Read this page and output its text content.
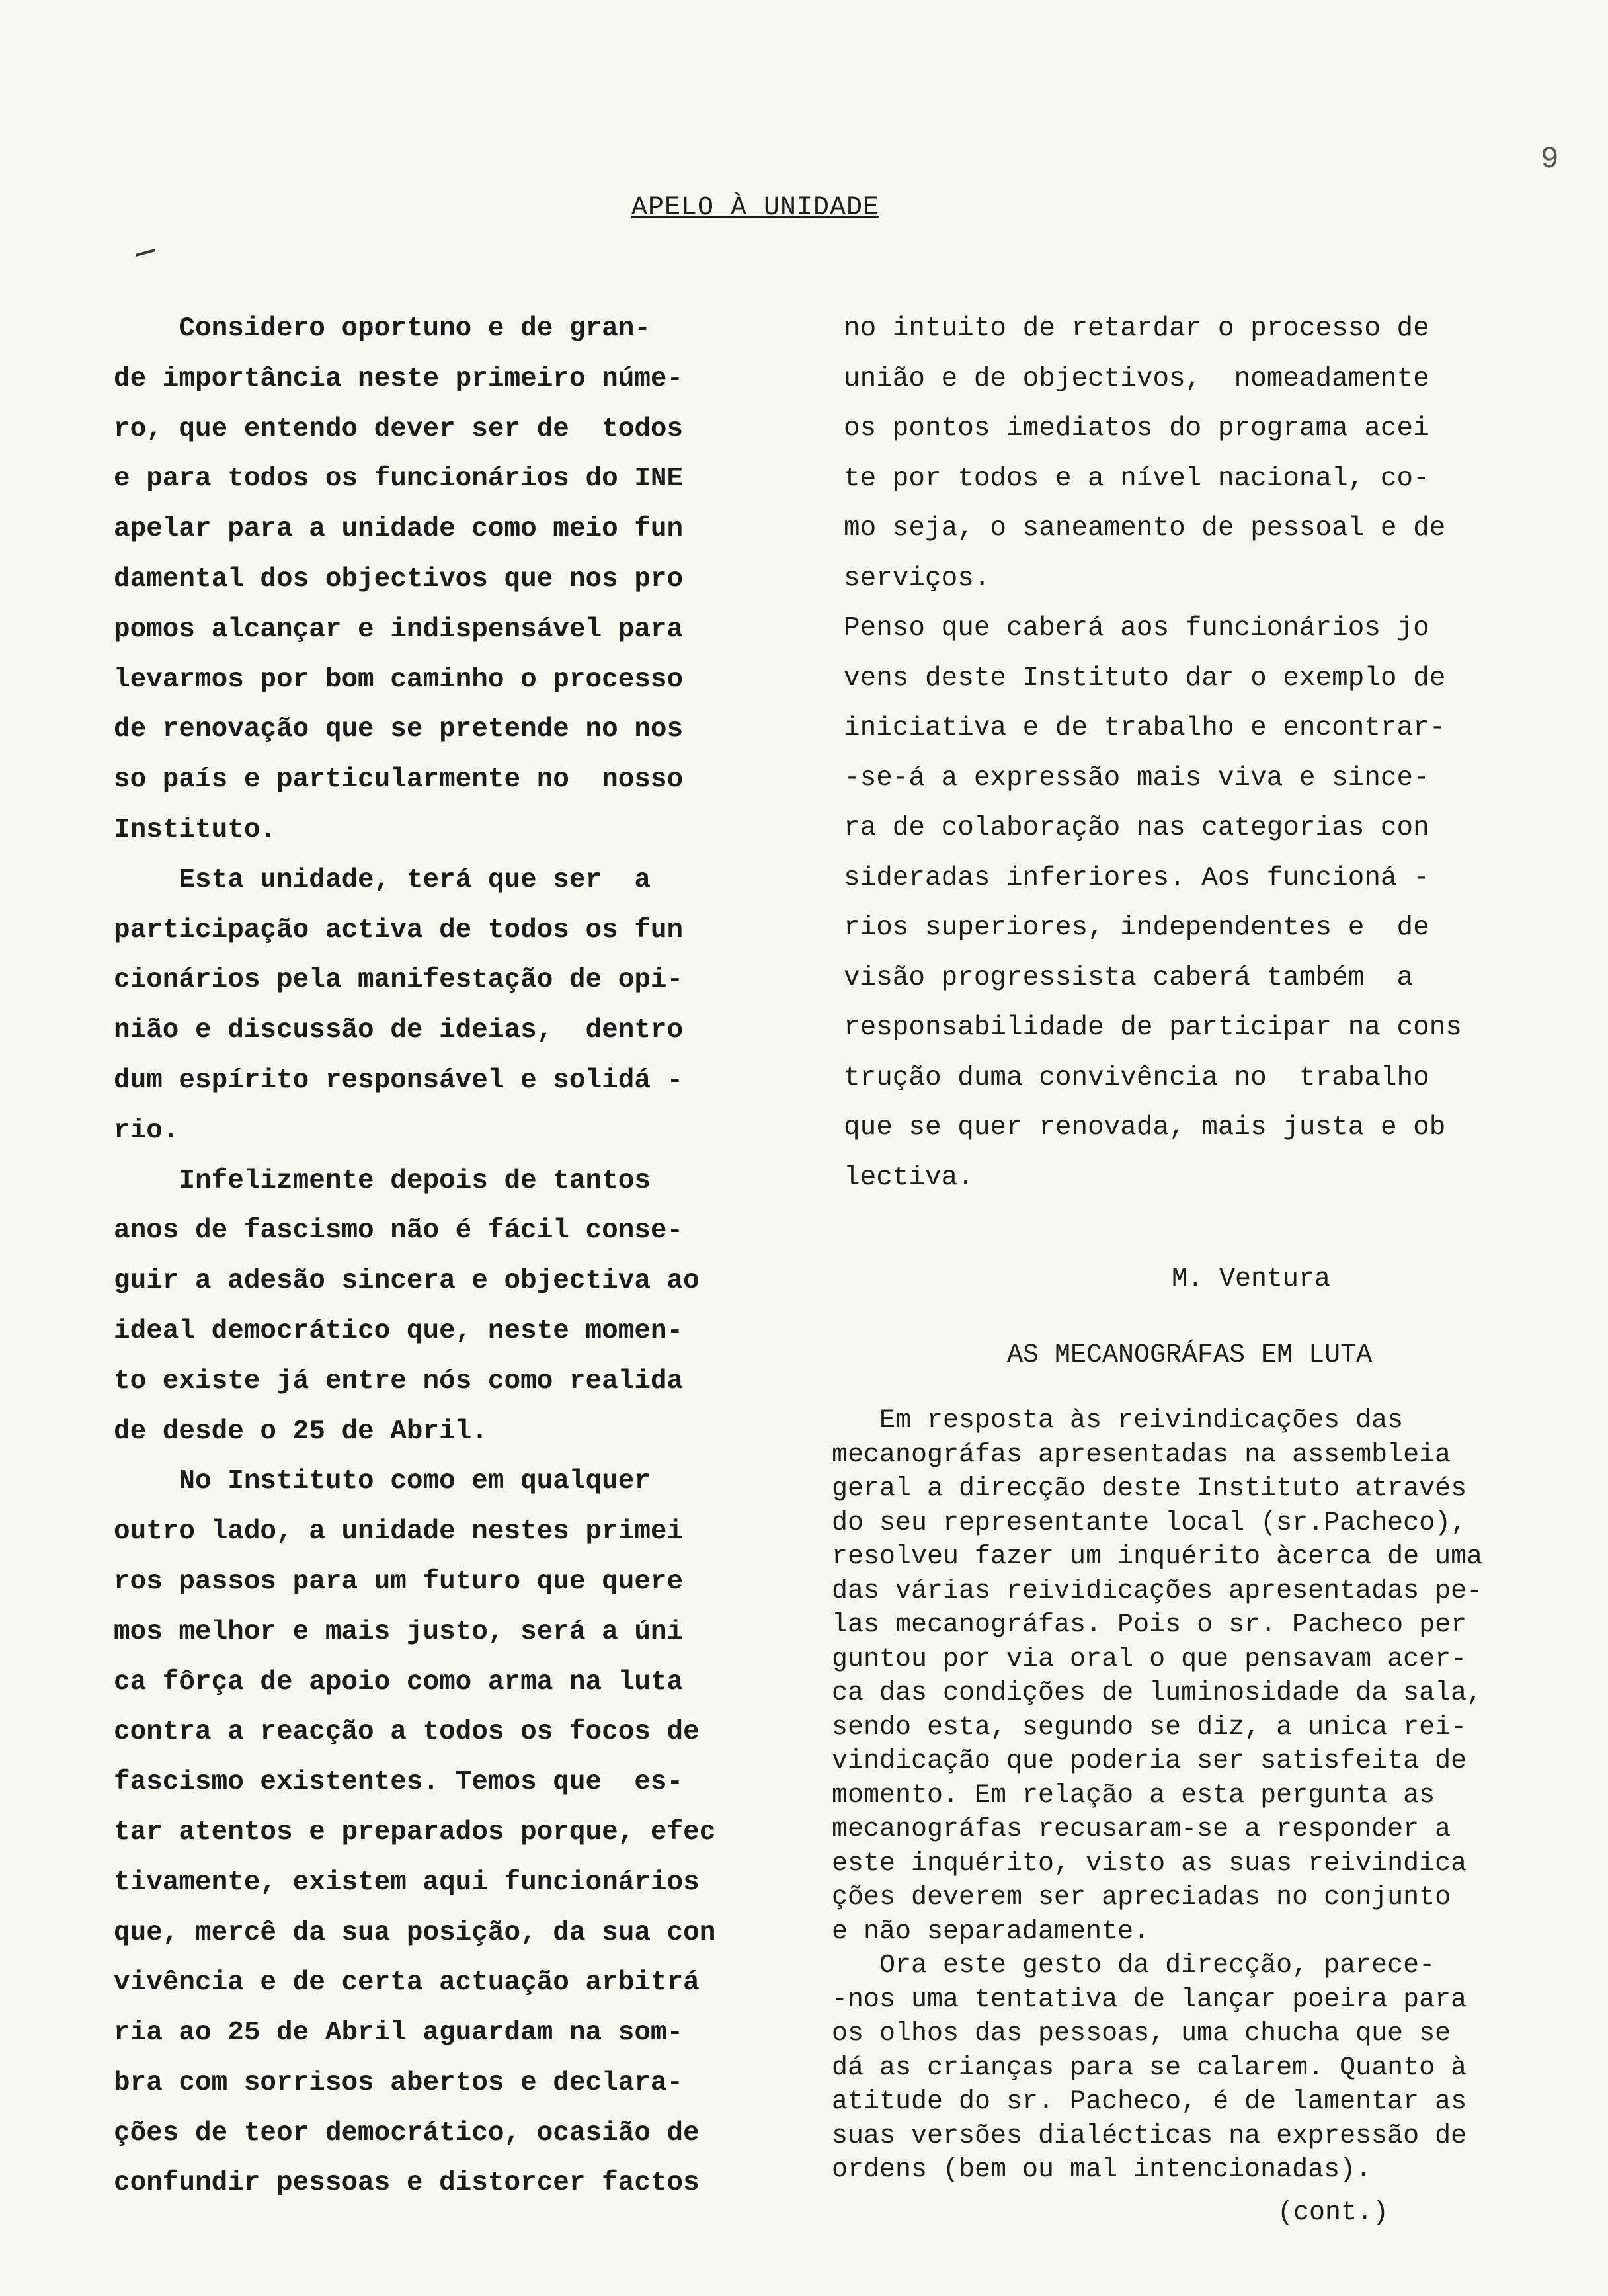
9
APELO À UNIDADE
Considero oportuno e de gran-
de importância neste primeiro núme-
ro, que entendo dever ser de  todos
e para todos os funcionários do INE
apelar para a unidade como meio fun
damental dos objectivos que nos pro
pomos alcançar e indispensável para
levarmos por bom caminho o processo
de renovação que se pretende no nos
so país e particularmente no  nosso
Instituto.
Esta unidade, terá que ser  a
participação activa de todos os fun
cionários pela manifestação de opi-
nião e discussão de ideias,  dentro
dum espírito responsável e solidá -
rio.
Infelizmente depois de tantos
anos de fascismo não é fácil conse-
guir a adesão sincera e objectiva ao
ideal democrático que, neste momen-
to existe já entre nós como realida
de desde o 25 de Abril.
No Instituto como em qualquer
outro lado, a unidade nestes primei
ros passos para um futuro que quere
mos melhor e mais justo, será a úni
ca fôrça de apoio como arma na luta
contra a reacção a todos os focos de
fascismo existentes. Temos que  es-
tar atentos e preparados porque, efec
tivamente, existem aqui funcionários
que, mercê da sua posição, da sua con
vivência e de certa actuação arbitrá
ria ao 25 de Abril aguardam na som-
bra com sorrisos abertos e declara-
ções de teor democrático, ocasião de
confundir pessoas e distorcer factos
no intuito de retardar o processo de
união e de objectivos,  nomeadamente
os pontos imediatos do programa acei
te por todos e a nível nacional, co-
mo seja, o saneamento de pessoal e de
serviços.
Penso que caberá aos funcionários jo
vens deste Instituto dar o exemplo de
iniciativa e de trabalho e encontrar-
-se-á a expressão mais viva e since-
ra de colaboração nas categorias con
sideradas inferiores. Aos funcioná -
rios superiores, independentes e  de
visão progressista caberá também  a
responsabilidade de participar na cons
trução duma convivência no  trabalho
que se quer renovada, mais justa e ob
lectiva.
M. Ventura
AS MECANOGRÁFAS EM LUTA
Em resposta às reivindicações das
mecanográfas apresentadas na assembleia
geral a direcção deste Instituto através
do seu representante local (sr.Pacheco),
resolveu fazer um inquérito àcerca de uma
das várias reividicações apresentadas pe-
las mecanográfas. Pois o sr. Pacheco per
guntou por via oral o que pensavam acer-
ca das condições de luminosidade da sala,
sendo esta, segundo se diz, a unica rei-
vindicação que poderia ser satisfeita de
momento. Em relação a esta pergunta as
mecanográfas recusaram-se a responder a
este inquérito, visto as suas reivindica
ções deverem ser apreciadas no conjunto
e não separadamente.
Ora este gesto da direcção, parece-
-nos uma tentativa de lançar poeira para
os olhos das pessoas, uma chucha que se
dá as crianças para se calarem. Quanto à
atitude do sr. Pacheco, é de lamentar as
suas versões dialécticas na expressão de
ordens (bem ou mal intencionadas).
(cont.)
